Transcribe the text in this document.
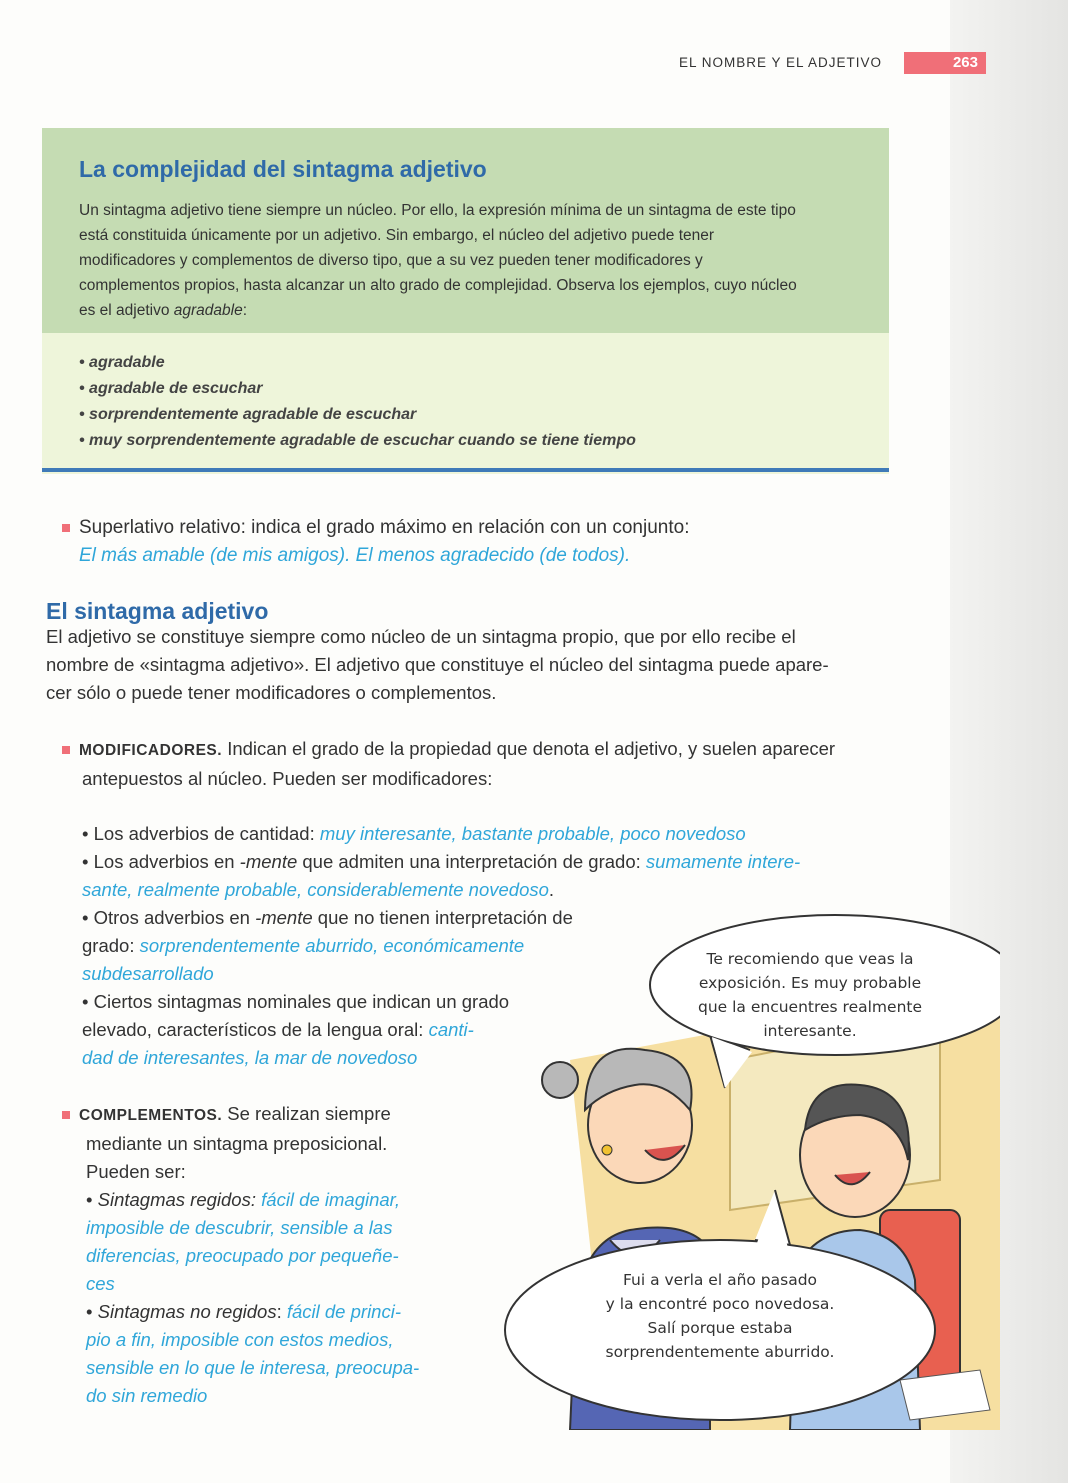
EL NOMBRE Y EL ADJETIVO	263
La complejidad del sintagma adjetivo
Un sintagma adjetivo tiene siempre un núcleo. Por ello, la expresión mínima de un sintagma de este tipo
está constituida únicamente por un adjetivo. Sin embargo, el núcleo del adjetivo puede tener
modificadores y complementos de diverso tipo, que a su vez pueden tener modificadores y
complementos propios, hasta alcanzar un alto grado de complejidad. Observa los ejemplos, cuyo núcleo
es el adjetivo agradable:
• agradable
• agradable de escuchar
• sorprendentemente agradable de escuchar
• muy sorprendentemente agradable de escuchar cuando se tiene tiempo
Superlativo relativo: indica el grado máximo en relación con un conjunto:
El más amable (de mis amigos). El menos agradecido (de todos).
El sintagma adjetivo
El adjetivo se constituye siempre como núcleo de un sintagma propio, que por ello recibe el
nombre de «sintagma adjetivo». El adjetivo que constituye el núcleo del sintagma puede apare-
cer sólo o puede tener modificadores o complementos.
MODIFICADORES. Indican el grado de la propiedad que denota el adjetivo, y suelen aparecer
antepuestos al núcleo. Pueden ser modificadores:
• Los adverbios de cantidad: muy interesante, bastante probable, poco novedoso
• Los adverbios en -mente que admiten una interpretación de grado: sumamente intere-
sante, realmente probable, considerablemente novedoso.
• Otros adverbios en -mente que no tienen interpretación de
grado: sorprendentemente aburrido, económicamente
subdesarrollado
• Ciertos sintagmas nominales que indican un grado
elevado, característicos de la lengua oral: canti-
dad de interesantes, la mar de novedoso
COMPLEMENTOS. Se realizan siempre
mediante un sintagma preposicional.
Pueden ser:
• Sintagmas regidos: fácil de imaginar,
imposible de descubrir, sensible a las
diferencias, preocupado por pequeñe-
ces
• Sintagmas no regidos: fácil de princi-
pio a fin, imposible con estos medios,
sensible en lo que le interesa, preocupa-
do sin remedio
Te recomiendo que veas la
exposición. Es muy probable
que la encuentres realmente
interesante.
Fui a verla el año pasado
y la encontré poco novedosa.
Salí porque estaba
sorprendentemente aburrido.
